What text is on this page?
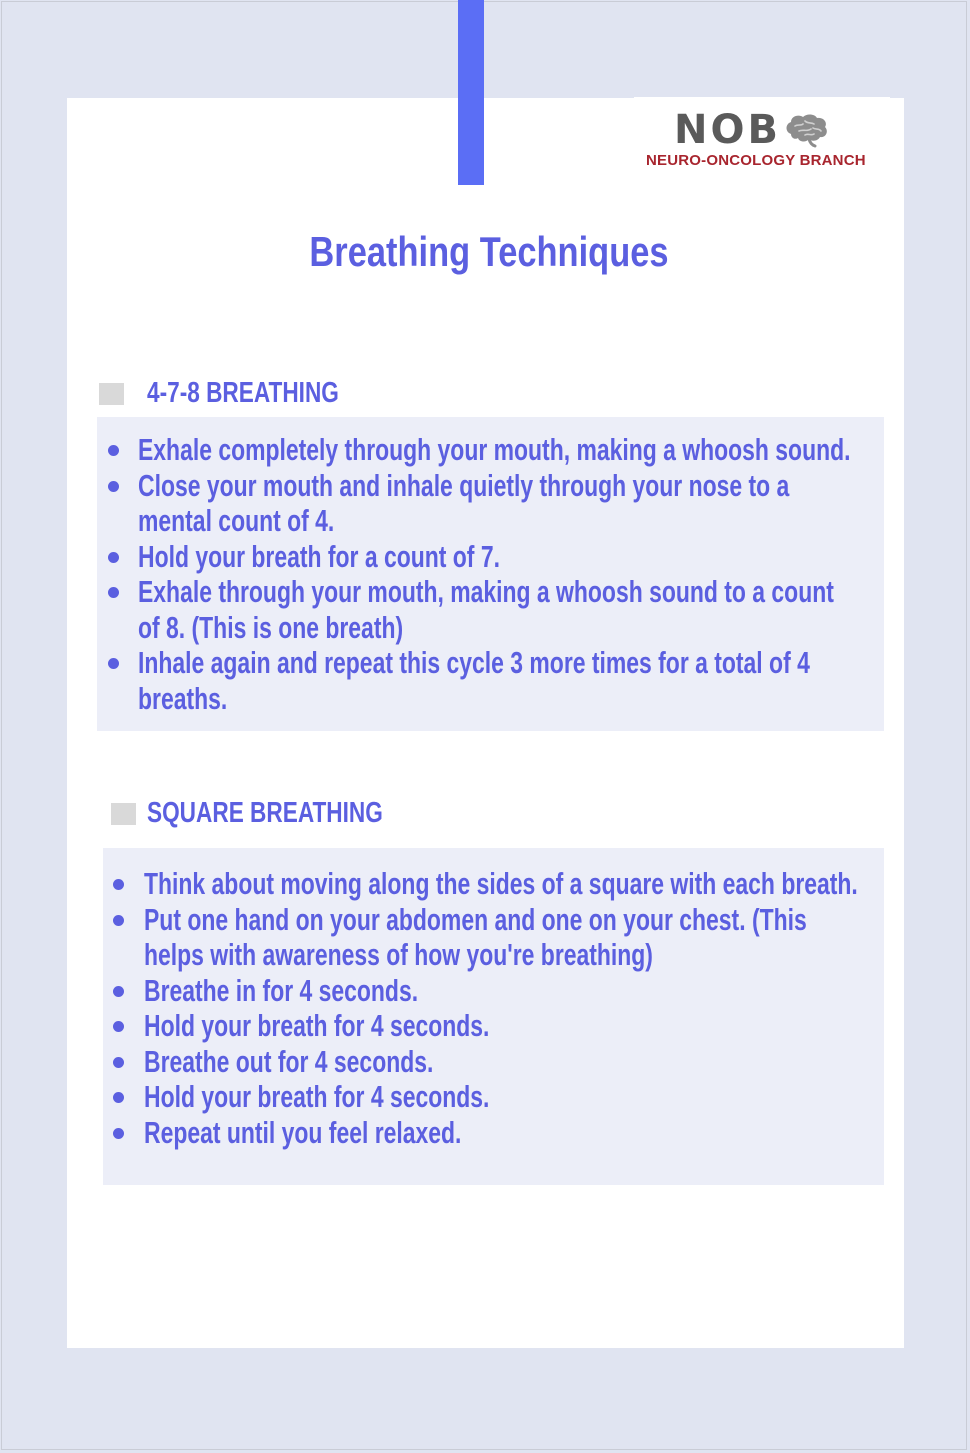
NOB
NEURO-ONCOLOGY BRANCH
Breathing Techniques
4-7-8 BREATHING
Exhale completely through your mouth, making a whoosh sound.
Close your mouth and inhale quietly through your nose to a mental count of 4.
Hold your breath for a count of 7.
Exhale through your mouth, making a whoosh sound to a count of 8. (This is one breath)
Inhale again and repeat this cycle 3 more times for a total of 4 breaths.
SQUARE BREATHING
Think about moving along the sides of a square with each breath.
Put one hand on your abdomen and one on your chest. (This helps with awareness of how you're breathing)
Breathe in for 4 seconds.
Hold your breath for 4 seconds.
Breathe out for 4 seconds.
Hold your breath for 4 seconds.
Repeat until you feel relaxed.
